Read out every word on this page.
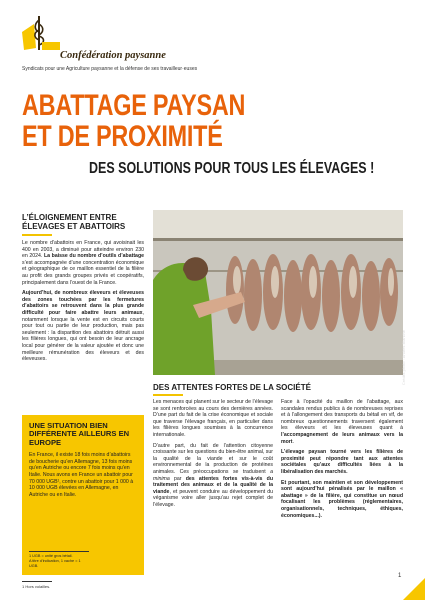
Confédération paysanne
Syndicats pour une Agriculture paysanne et la défense de ses travailleur·euses
ABATTAGE PAYSAN
ET DE PROXIMITÉ
DES SOLUTIONS POUR TOUS LES ÉLEVAGES !
L’ÉLOIGNEMENT ENTRE
ÉLEVAGES ET ABATTOIRS

Le nombre d’abattoirs en France, qui avoisinait les 400 en 2003, a diminué pour atteindre environ 230 en 2024. La baisse du nombre d’outils d’abattage s’est accompagnée d’une concentration économique et géographique de ce maillon essentiel de la filière au profit des grands groupes privés et coopératifs, principalement dans l’ouest de la France.

Aujourd’hui, de nombreux éleveurs et éleveuses des zones touchées par les fermetures d’abattoirs se retrouvent dans la plus grande difficulté pour faire abattre leurs animaux, notamment lorsque la vente est en circuits courts pour tout ou partie de leur production, mais pas seulement : la disparition des abattoirs détruit aussi les filières longues, qui ont besoin de leur ancrage local pour générer de la valeur ajoutée et donc une meilleure rémunération des éleveurs et des éleveuses.	Crédits photo : Andrés Blanche
DES ATTENTES FORTES DE LA SOCIÉTÉ

Les menaces qui planent sur le secteur de l’élevage se sont renforcées au cours des dernières années. D’une part du fait de la crise économique et sociale que traverse l’élevage français, en particulier dans les filières longues soumises à la concurrence internationale.

D’autre part, du fait de l’attention citoyenne croissante sur les questions du bien-être animal, sur la qualité de la viande et sur le coût environnemental de la production de protéines animales. Ces préoccupations se traduisent a minima par des attentes fortes vis-à-vis du traitement des animaux et de la qualité de la viande, et peuvent conduire au développement du véganisme voire aller jusqu’au rejet complet de l’élevage.

Face à l’opacité du maillon de l’abattage, aux scandales rendus publics à de nombreuses reprises et à l’allongement des transports du bétail en vif, de nombreux questionnements traversent également les éleveurs et les éleveuses quant à l’accompagnement de leurs animaux vers la mort.

L’élevage paysan tourné vers les filières de proximité peut répondre tant aux attentes sociétales qu’aux difficultés liées à la libéralisation des marchés.

Et pourtant, son maintien et son développement sont aujourd’hui pénalisés par le maillon « abattage » de la filière, qui constitue un nœud focalisant les problèmes (réglementaires, organisationnels, techniques, éthiques, économiques...).

UNE SITUATION BIEN
DIFFÉRENTE AILLEURS EN
EUROPE
En France, il existe 18 fois moins d’abattoirs de boucherie qu’en Allemagne, 13 fois moins qu’en Autriche ou encore 7 fois moins qu’en Italie. Nous avons en France un abattoir pour 70 000 UGB¹, contre un abattoir pour 1 000 à 10 000 UGB élevées en Allemagne, en Autriche ou en Italie.
1 UGB = unité gros bétail.
A titre d’indication, 1 vache = 1 UGB.
1 Hors volailles.
1
